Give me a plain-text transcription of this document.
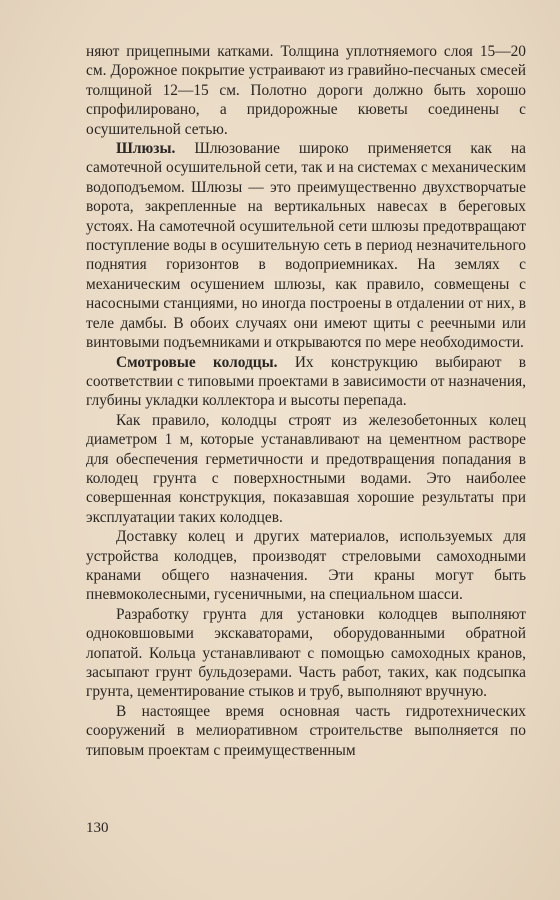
няют прицепными катками. Толщина уплотняемого слоя 15—20 см. Дорожное покрытие устраивают из гравийно-песчаных смесей толщиной 12—15 см. Полотно дороги должно быть хорошо спрофилировано, а придорожные кюветы соединены с осушительной сетью.

Шлюзы. Шлюзование широко применяется как на самотечной осушительной сети, так и на системах с механическим водоподъемом. Шлюзы — это преимущественно двухстворчатые ворота, закрепленные на вертикальных навесах в береговых устоях. На самотечной осушительной сети шлюзы предотвращают поступление воды в осушительную сеть в период незначительного поднятия горизонтов в водоприемниках. На землях с механическим осушением шлюзы, как правило, совмещены с насосными станциями, но иногда построены в отдалении от них, в теле дамбы. В обоих случаях они имеют щиты с реечными или винтовыми подъемниками и открываются по мере необходимости.

Смотровые колодцы. Их конструкцию выбирают в соответствии с типовыми проектами в зависимости от назначения, глубины укладки коллектора и высоты перепада.

Как правило, колодцы строят из железобетонных колец диаметром 1 м, которые устанавливают на цементном растворе для обеспечения герметичности и предотвращения попадания в колодец грунта с поверхностными водами. Это наиболее совершенная конструкция, показавшая хорошие результаты при эксплуатации таких колодцев.

Доставку колец и других материалов, используемых для устройства колодцев, производят стреловыми самоходными кранами общего назначения. Эти краны могут быть пневмоколесными, гусеничными, на специальном шасси.

Разработку грунта для установки колодцев выполняют одноковшовыми экскаваторами, оборудованными обратной лопатой. Кольца устанавливают с помощью самоходных кранов, засыпают грунт бульдозерами. Часть работ, таких, как подсыпка грунта, цементирование стыков и труб, выполняют вручную.

В настоящее время основная часть гидротехнических сооружений в мелиоративном строительстве выполняется по типовым проектам с преимущественным

130
